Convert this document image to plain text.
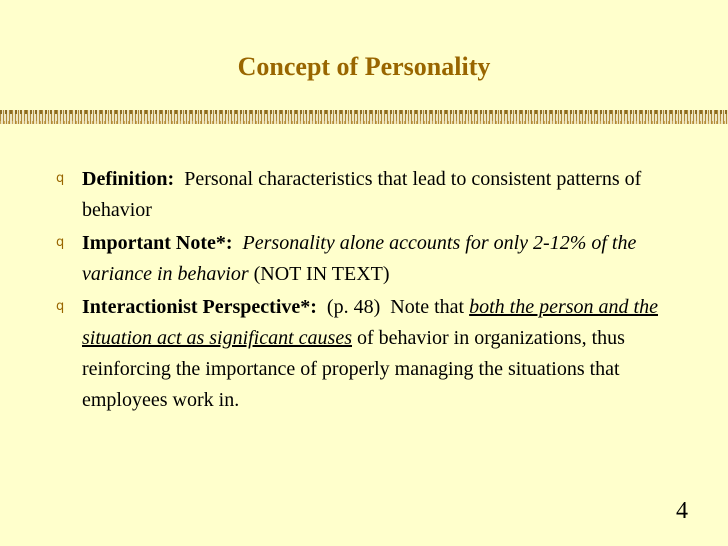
Concept of Personality
q Definition: Personal characteristics that lead to consistent patterns of behavior
q Important Note*: Personality alone accounts for only 2-12% of the variance in behavior (NOT IN TEXT)
q Interactionist Perspective*: (p. 48) Note that both the person and the situation act as significant causes of behavior in organizations, thus reinforcing the importance of properly managing the situations that employees work in.
4
